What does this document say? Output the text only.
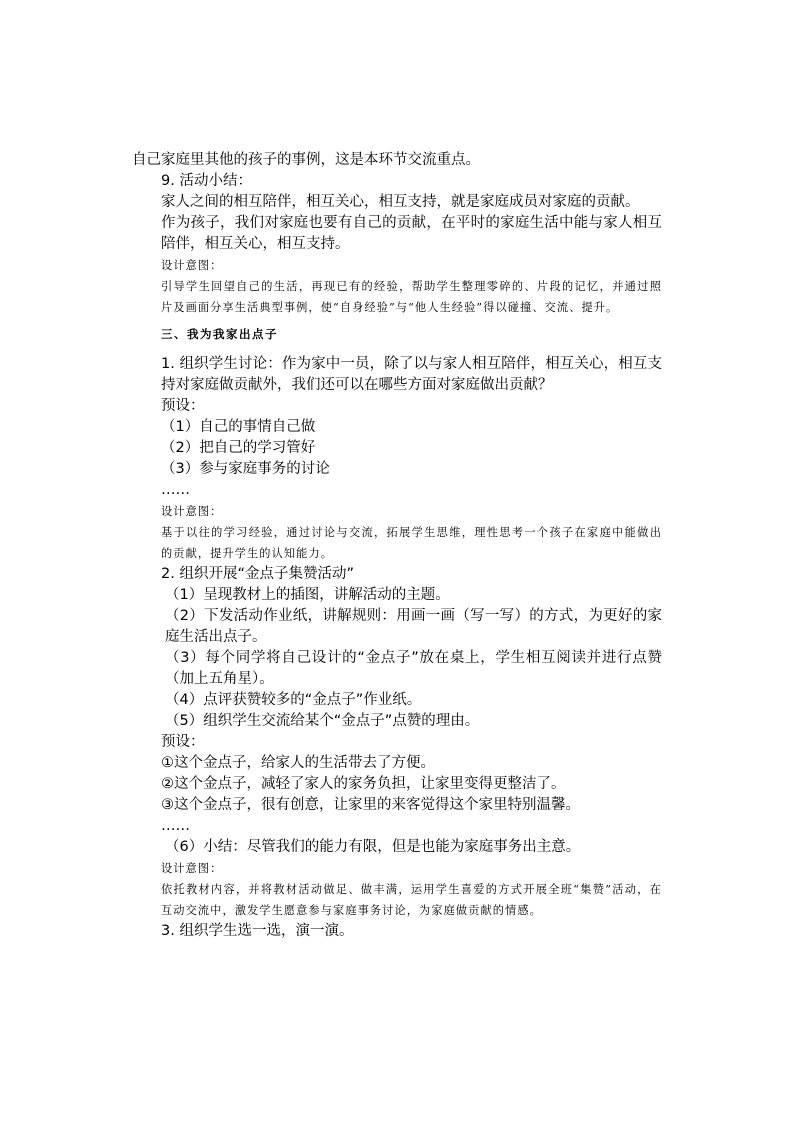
自己家庭里其他的孩子的事例，这是本环节交流重点。
9. 活动小结：
家人之间的相互陪伴，相互关心，相互支持，就是家庭成员对家庭的贡献。
作为孩子，我们对家庭也要有自己的贡献，在平时的家庭生活中能与家人相互陪伴，相互关心，相互支持。
设计意图：
引导学生回望自己的生活，再现已有的经验，帮助学生整理零碎的、片段的记忆，并通过照片及画面分享生活典型事例，使“自身经验”与“他人生经验”得以碰撞、交流、提升。
三、我为我家出点子
1. 组织学生讨论：作为家中一员，除了以与家人相互陪伴，相互关心，相互支持对家庭做贡献外，我们还可以在哪些方面对家庭做出贡献？
预设：
（1）自己的事情自己做
（2）把自己的学习管好
（3）参与家庭事务的讨论
……
设计意图：
基于以往的学习经验，通过讨论与交流，拓展学生思维，理性思考一个孩子在家庭中能做出的贡献，提升学生的认知能力。
2. 组织开展“金点子集赞活动”
（1）呈现教材上的插图，讲解活动的主题。
（2）下发活动作业纸，讲解规则：用画一画（写一写）的方式，为更好的家庭生活出点子。
（3）每个同学将自己设计的“金点子”放在桌上，学生相互阅读并进行点赞（加上五角星）。
（4）点评获赞较多的“金点子”作业纸。
（5）组织学生交流给某个“金点子”点赞的理由。
预设：
①这个金点子，给家人的生活带去了方便。
②这个金点子，减轻了家人的家务负担，让家里变得更整洁了。
③这个金点子，很有创意，让家里的来客觉得这个家里特别温馨。
……
（6）小结：尽管我们的能力有限，但是也能为家庭事务出主意。
设计意图：
依托教材内容，并将教材活动做足、做丰满，运用学生喜爱的方式开展全班“集赞”活动，在互动交流中，激发学生愿意参与家庭事务讨论，为家庭做贡献的情感。
3. 组织学生选一选，演一演。
